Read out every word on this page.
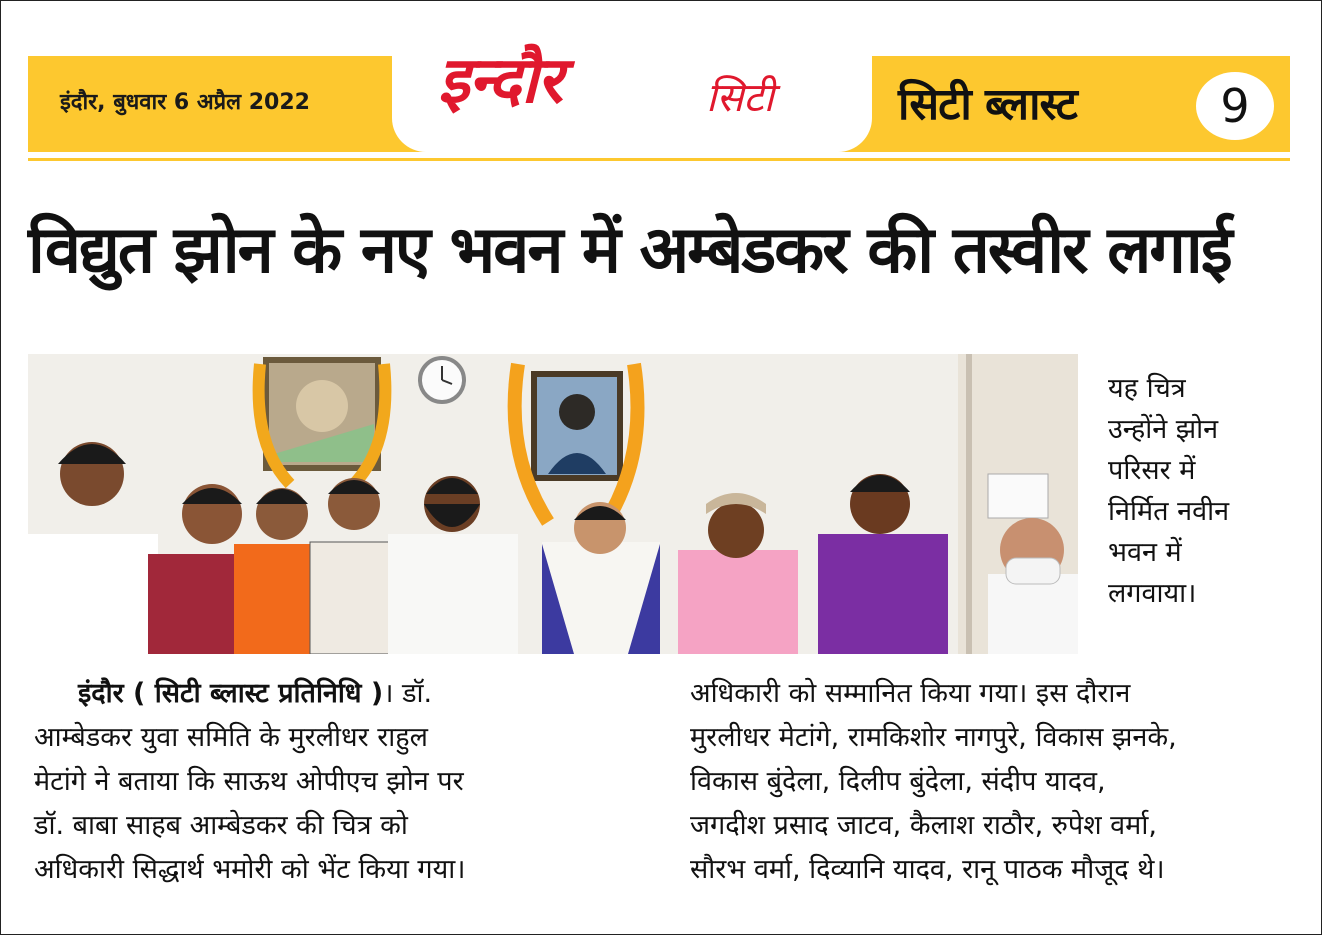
इंदौर, बुधवार 6 अप्रैल 2022 इन्दौर	सिटी	सिटी ब्लास्ट	9
विद्युत झोन के नए भवन में अम्बेडकर की तस्वीर लगाई
यह चित्र
उन्होंने झोन
परिसर में
निर्मित नवीन
भवन में
लगवाया।
इंदौर ( सिटी ब्लास्ट प्रतिनिधि )। डॉ.
आम्बेडकर युवा समिति के मुरलीधर राहुल
मेटांगे ने बताया कि साऊथ ओपीएच झोन पर
डॉ. बाबा साहब आम्बेडकर की चित्र को
अधिकारी सिद्धार्थ भमोरी को भेंट किया गया।
अधिकारी को सम्मानित किया गया। इस दौरान
मुरलीधर मेटांगे, रामकिशोर नागपुरे, विकास झनके,
विकास बुंदेला, दिलीप बुंदेला, संदीप यादव,
जगदीश प्रसाद जाटव, कैलाश राठौर, रुपेश वर्मा,
सौरभ वर्मा, दिव्यानि यादव, रानू पाठक मौजूद थे।
